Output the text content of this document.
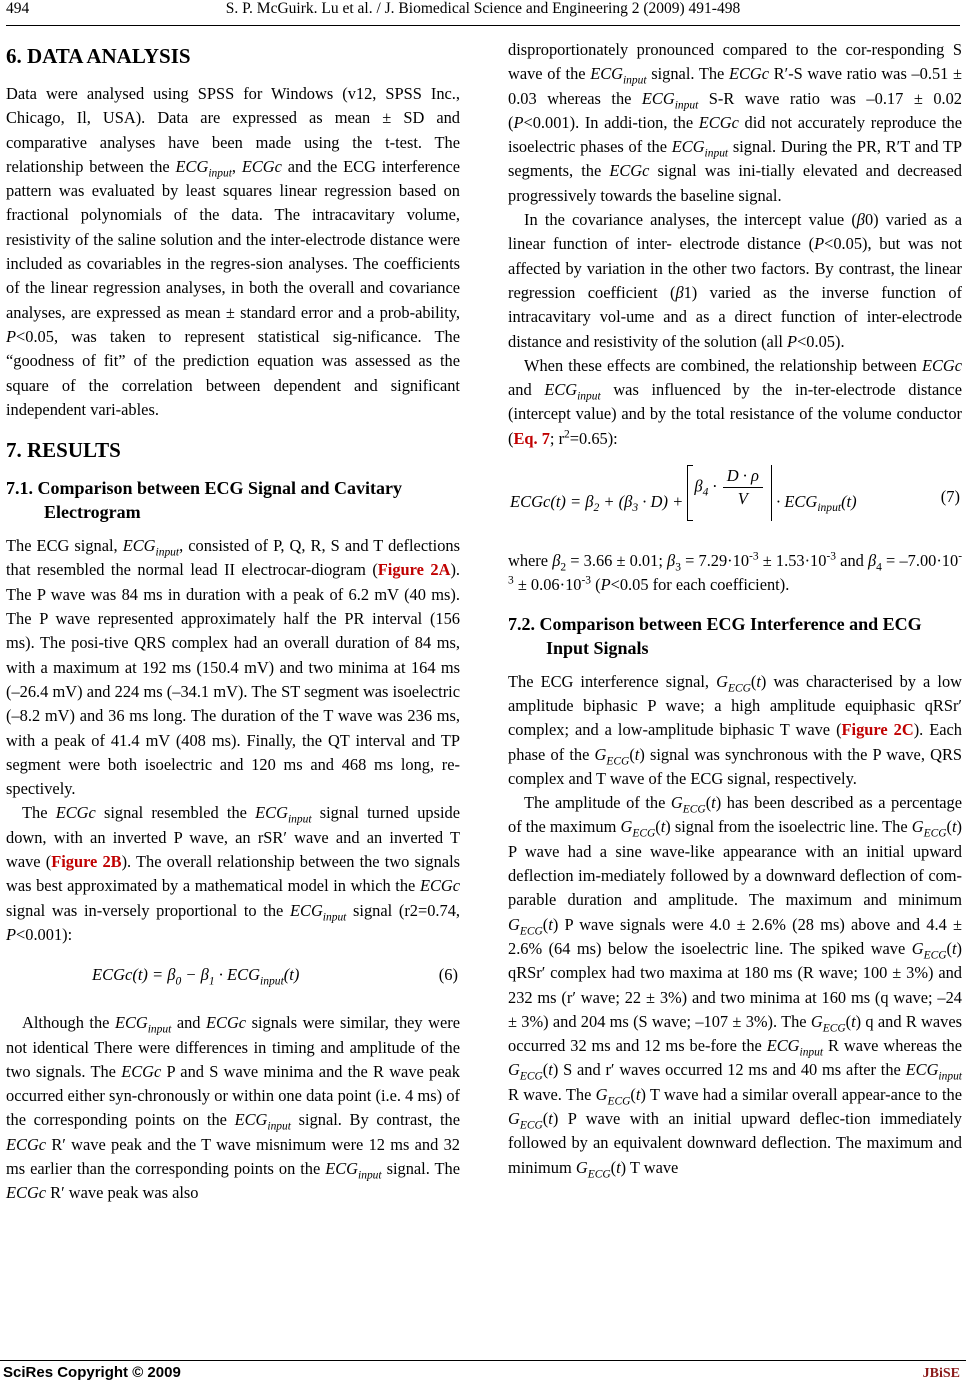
494	S. P. McGuirk. Lu et al. / J. Biomedical Science and Engineering 2 (2009) 491-498
6. DATA ANALYSIS

Data were analysed using SPSS for Windows (v12, SPSS Inc., Chicago, Il, USA). Data are expressed as mean ± SD and comparative analyses have been made using the t-test. The relationship between the $ECG_{input}$, ECGc and the ECG interference pattern was evaluated by least squares linear regression based on fractional polynomials of the data. The intracavitary volume, resistivity of the saline solution and the inter-electrode distance were included as covariables in the regres-sion analyses. The coefficients of the linear regression analyses, in both the overall and covariance analyses, are expressed as mean ± standard error and a prob-ability, P<0.05, was taken to represent statistical sig-nificance. The “goodness of fit” of the prediction equation was assessed as the square of the correlation between dependent and significant independent vari-ables.

7. RESULTS
7.1. Comparison between ECG Signal and Cavitary Electrogram

The ECG signal, $ECG_{input}$, consisted of P, Q, R, S and T deflections that resembled the normal lead II electrocar-diogram (Figure 2A). The P wave was 84 ms in duration with a peak of 6.2 mV (40 ms). The P wave represented approximately half the PR interval (156 ms). The posi-tive QRS complex had an overall duration of 84 ms, with a maximum at 192 ms (150.4 mV) and two minima at 164 ms (–26.4 mV) and 224 ms (–34.1 mV). The ST segment was isoelectric (–8.2 mV) and 36 ms long. The duration of the T wave was 236 ms, with a peak of 41.4 mV (408 ms). Finally, the QT interval and TP segment were both isoelectric and 120 ms and 468 ms long, re-spectively.

The ECGc signal resembled the $ECG_{input}$ signal turned upside down, with an inverted P wave, an rSR′ wave and an inverted T wave (Figure 2B). The overall relationship between the two signals was best approximated by a mathematical model in which the ECGc signal was in-versely proportional to the $ECG_{input}$ signal (r2=0.74, P<0.001):

ECGc(t) = $\beta_0 - \beta_1 \cdot ECG_{input}(t)$	(6)

Although the $ECG_{input}$ and ECGc signals were similar, they were not identical There were differences in timing and amplitude of the two signals. The ECGc P and S wave minima and the R wave peak occurred either syn-chronously or within one data point (i.e. 4 ms) of the corresponding points on the $ECG_{input}$ signal. By contrast, the ECGc R′ wave peak and the T wave misnimum were 12 ms and 32 ms earlier than the corresponding points on the $ECG_{input}$ signal. The ECGc R′ wave peak was also

disproportionately pronounced compared to the cor-responding S wave of the $ECG_{input}$ signal. The ECGc R′-S wave ratio was –0.51 ± 0.03 whereas the $ECG_{input}$ S-R wave ratio was –0.17 ± 0.02 (P<0.001). In addi-tion, the ECGc did not accurately reproduce the isoelectric phases of the $ECG_{input}$ signal. During the PR, R′T and TP segments, the ECGc signal was ini-tially elevated and decreased progressively towards the baseline signal.

In the covariance analyses, the intercept value (β0) varied as a linear function of inter- electrode distance (P<0.05), but was not affected by variation in the other two factors. By contrast, the linear regression coefficient (β1) varied as the inverse function of intracavitary vol-ume and as a direct function of inter-electrode distance and resistivity of the solution (all P<0.05).

When these effects are combined, the relationship between ECGc and $ECG_{input}$ was influenced by the in-ter-electrode distance (intercept value) and by the total resistance of the volume conductor (Eq. 7; $r^2=0.65$):

ECGc(t) = $\beta_2 + (\beta_3 \cdot D) + \beta_4 \cdot \frac{D \cdot \rho}{V} \cdot ECG_{input}(t)$	(7)

where $\beta_2 = 3.66 \pm 0.01$; $\beta_3 = 7.29\cdot 10^{-3} \pm 1.53\cdot 10^{-3}$ and $\beta_4 = -7.00\cdot 10^{-3} \pm 0.06\cdot 10^{-3}$ (P<0.05 for each coefficient).

7.2. Comparison between ECG Interference and ECG Input Signals

The ECG interference signal, $G_{ECG}(t)$ was characterised by a low amplitude biphasic P wave; a high amplitude equiphasic qRSr′ complex; and a low-amplitude biphasic T wave (Figure 2C). Each phase of the $G_{ECG}(t)$ signal was synchronous with the P wave, QRS complex and T wave of the ECG signal, respectively.

The amplitude of the $G_{ECG}(t)$ has been described as a percentage of the maximum $G_{ECG}(t)$ signal from the isoelectric line. The $G_{ECG}(t)$ P wave had a sine wave-like appearance with an initial upward deflection im-mediately followed by a downward deflection of com-parable duration and amplitude. The maximum and minimum $G_{ECG}(t)$ P wave signals were 4.0 ± 2.6% (28 ms) above and 4.4 ± 2.6% (64 ms) below the isoelectric line. The spiked wave $G_{ECG}(t)$ qRSr′ complex had two maxima at 180 ms (R wave; 100 ± 3%) and 232 ms (r′ wave; 22 ± 3%) and two minima at 160 ms (q wave; –24 ± 3%) and 204 ms (S wave; –107 ± 3%). The $G_{ECG}(t)$ q and R waves occurred 32 ms and 12 ms be-fore the $ECG_{input}$ R wave whereas the $G_{ECG}(t)$ S and r′ waves occurred 12 ms and 40 ms after the $ECG_{input}$ R wave. The $G_{ECG}(t)$ T wave had a similar overall appear-ance to the $G_{ECG}(t)$ P wave with an initial upward deflec-tion immediately followed by an equivalent downward deflection. The maximum and minimum $G_{ECG}(t)$ T wave

SciRes Copyright © 2009	JBiSE
